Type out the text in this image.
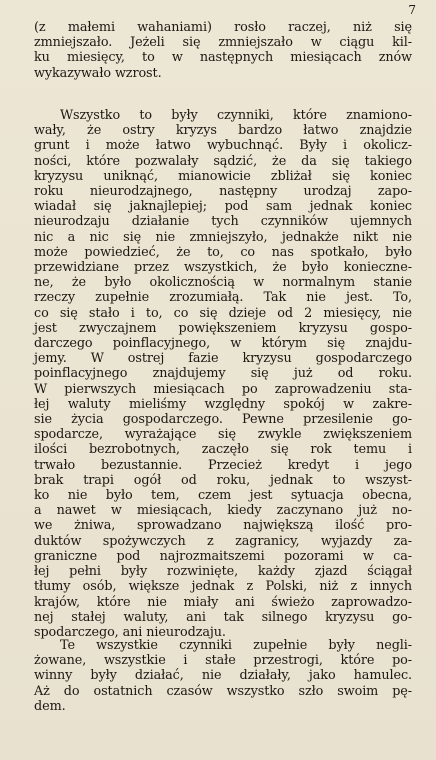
7
(z małemi wahaniami) rosło raczej, niż się
zmniejszało. Jeżeli się zmniejszało w ciągu kil-
ku miesięcy, to w następnych miesiącach znów
wykazywało wzrost.
Wszystko to były czynniki, które znamiono-
wały, że ostry kryzys bardzo łatwo znajdzie
grunt i może łatwo wybuchnąć. Były i okolicz-
ności, które pozwalały sądzić, że da się takiego
kryzysu uniknąć, mianowicie zbliżał się koniec
roku nieurodzajnego, następny urodzaj zapo-
wiadał się jaknajlepiej; pod sam jednak koniec
nieurodzaju działanie tych czynników ujemnych
nic a nic się nie zmniejszyło, jednakże nikt nie
może powiedzieć, że to, co nas spotkało, było
przewidziane przez wszystkich, że było konieczne-
ne, że było okolicznością w normalnym stanie
rzeczy zupełnie zrozumiałą. Tak nie jest. To,
co się stało i to, co się dzieje od 2 miesięcy, nie
jest zwyczajnem powiększeniem kryzysu gospo-
darczego poinflacyjnego, w którym się znajdu-
jemy. W ostrej fazie kryzysu gospodarczego
poinflacyjnego znajdujemy się już od roku.
W pierwszych miesiącach po zaprowadzeniu sta-
łej waluty mieliśmy względny spokój w zakre-
sie życia gospodarczego. Pewne przesilenie go-
spodarcze, wyrażające się zwykle zwiększeniem
ilości bezrobotnych, zaczęło się rok temu i
trwało bezustannie. Przecież kredyt i jego
brak trapi ogół od roku, jednak to wszyst-
ko nie było tem, czem jest sytuacja obecna,
a nawet w miesiącach, kiedy zaczynano już no-
we żniwa, sprowadzano największą ilość pro-
duktów spożywczych z zagranicy, wyjazdy za-
graniczne pod najrozmaitszemi pozorami w ca-
łej pełni były rozwinięte, każdy zjazd ściągał
tłumy osób, większe jednak z Polski, niż z innych
krajów, które nie miały ani świeżo zaprowadzo-
nej stałej waluty, ani tak silnego kryzysu go-
spodarczego, ani nieurodzaju.
Te wszystkie czynniki zupełnie były negli-
żowane, wszystkie i stałe przestrogi, które po-
winny były działać, nie działały, jako hamulec.
Aż do ostatnich czasów wszystko szło swoim pę-
dem.
